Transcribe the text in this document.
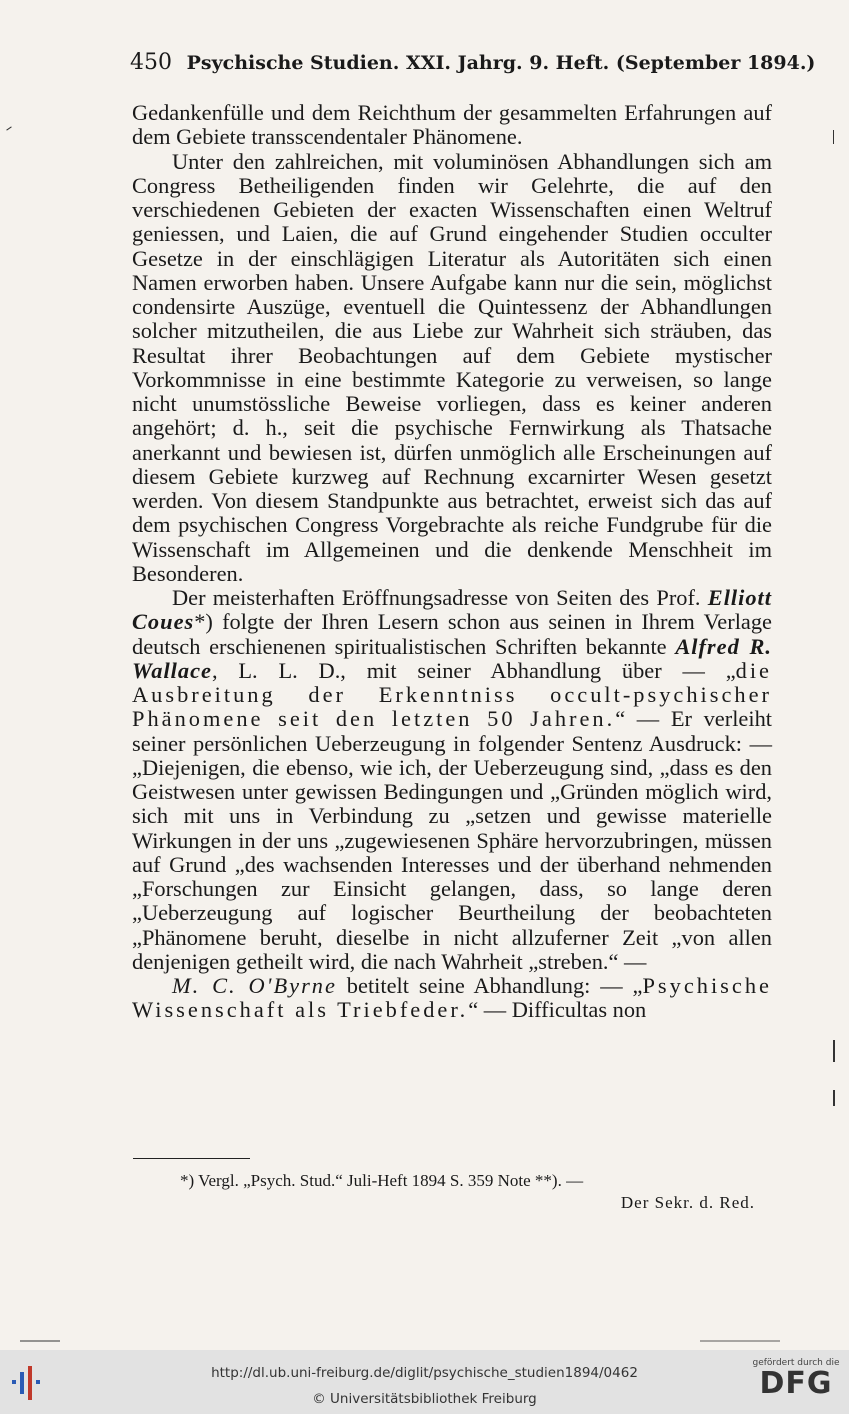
450 Psychische Studien. XXI. Jahrg. 9. Heft. (September 1894.)

Gedankenfülle und dem Reichthum der gesammelten Erfahrungen auf dem Gebiete transscendentaler Phänomene.

Unter den zahlreichen, mit voluminösen Abhandlungen sich am Congress Betheiligenden finden wir Gelehrte, die auf den verschiedenen Gebieten der exacten Wissenschaften einen Weltruf geniessen, und Laien, die auf Grund eingehender Studien occulter Gesetze in der einschlägigen Literatur als Autoritäten sich einen Namen erworben haben. Unsere Aufgabe kann nur die sein, möglichst condensirte Auszüge, eventuell die Quintessenz der Abhandlungen solcher mitzutheilen, die aus Liebe zur Wahrheit sich sträuben, das Resultat ihrer Beobachtungen auf dem Gebiete mystischer Vorkommnisse in eine bestimmte Kategorie zu verweisen, so lange nicht unumstössliche Beweise vorliegen, dass es keiner anderen angehört; d. h., seit die psychische Fernwirkung als Thatsache anerkannt und bewiesen ist, dürfen unmöglich alle Erscheinungen auf diesem Gebiete kurzweg auf Rechnung excarnirter Wesen gesetzt werden. Von diesem Standpunkte aus betrachtet, erweist sich das auf dem psychischen Congress Vorgebrachte als reiche Fundgrube für die Wissenschaft im Allgemeinen und die denkende Menschheit im Besonderen.

Der meisterhaften Eröffnungsadresse von Seiten des Prof. Elliott Coues*) folgte der Ihren Lesern schon aus seinen in Ihrem Verlage deutsch erschienenen spiritualistischen Schriften bekannte Alfred R. Wallace, L. L. D., mit seiner Abhandlung über — „die Ausbreitung der Erkenntniss occult-psychischer Phänomene seit den letzten 50 Jahren.“ — Er verleiht seiner persönlichen Ueberzeugung in folgender Sentenz Ausdruck: — „Diejenigen, die ebenso, wie ich, der Ueberzeugung sind, „dass es den Geistwesen unter gewissen Bedingungen und „Gründen möglich wird, sich mit uns in Verbindung zu „setzen und gewisse materielle Wirkungen in der uns „zugewiesenen Sphäre hervorzubringen, müssen auf Grund „des wachsenden Interesses und der überhand nehmenden „Forschungen zur Einsicht gelangen, dass, so lange deren „Ueberzeugung auf logischer Beurtheilung der beobachteten „Phänomene beruht, dieselbe in nicht allzuferner Zeit „von allen denjenigen getheilt wird, die nach Wahrheit „streben.“ —

M. C. O'Byrne betitelt seine Abhandlung: — „Psychische Wissenschaft als Triebfeder.“ — Difficultas non

*) Vergl. „Psych. Stud.“ Juli-Heft 1894 S. 359 Note **). —
Der Sekr. d. Red.
http://dl.ub.uni-freiburg.de/diglit/psychische_studien1894/0462
© Universitätsbibliothek Freiburg
gefördert durch die
DFG
